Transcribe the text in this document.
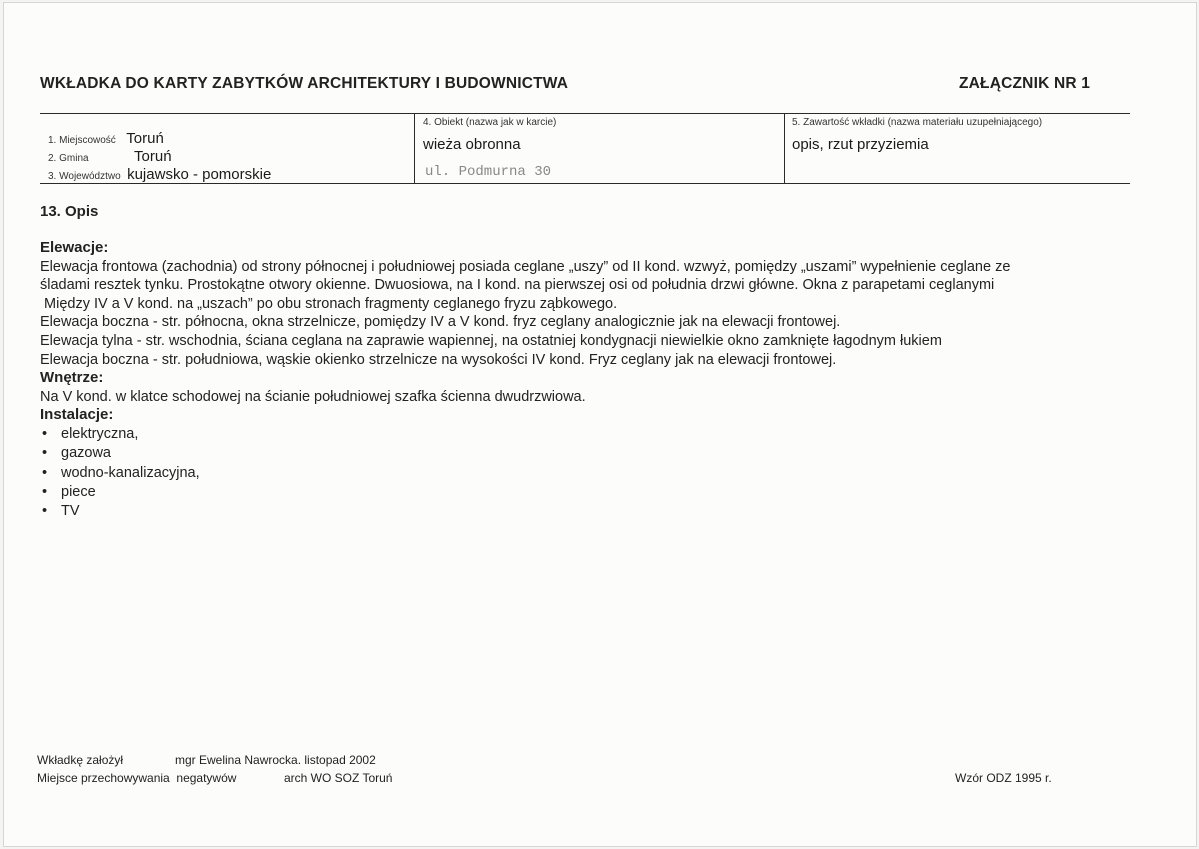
WKŁADKA DO KARTY ZABYTKÓW ARCHITEKTURY I BUDOWNICTWA	ZAŁĄCZNIK NR 1
1. Miejscowość Toruń
2. Gmina	Toruń
3. Województwo kujawsko - pomorskie
4. Obiekt (nazwa jak w karcie)
wieża obronna
ul. Podmurna 30
5. Zawartość wkładki (nazwa materiału uzupełniającego)
opis, rzut przyziemia
13. Opis
Elewacje:
Elewacja frontowa (zachodnia) od strony północnej i południowej posiada ceglane „uszy” od II kond. wzwyż, pomiędzy „uszami” wypełnienie ceglane ze
śladami resztek tynku. Prostokątne otwory okienne. Dwuosiowa, na I kond. na pierwszej osi od południa drzwi główne. Okna z parapetami ceglanymi
Między IV a V kond. na „uszach” po obu stronach fragmenty ceglanego fryzu ząbkowego.
Elewacja boczna - str. północna, okna strzelnicze, pomiędzy IV a V kond. fryz ceglany analogicznie jak na elewacji frontowej.
Elewacja tylna - str. wschodnia, ściana ceglana na zaprawie wapiennej, na ostatniej kondygnacji niewielkie okno zamknięte łagodnym łukiem
Elewacja boczna - str. południowa, wąskie okienko strzelnicze na wysokości IV kond. Fryz ceglany jak na elewacji frontowej.
Wnętrze:
Na V kond. w klatce schodowej na ścianie południowej szafka ścienna dwudrzwiowa.
Instalacje:
• elektryczna,
• gazowa
• wodno-kanalizacyjna,
• piece
• TV
Wkładkę założył	mgr Ewelina Nawrocka. listopad 2002
Miejsce przechowywania  negatywów	arch WO SOZ Toruń	Wzór ODZ 1995 r.
